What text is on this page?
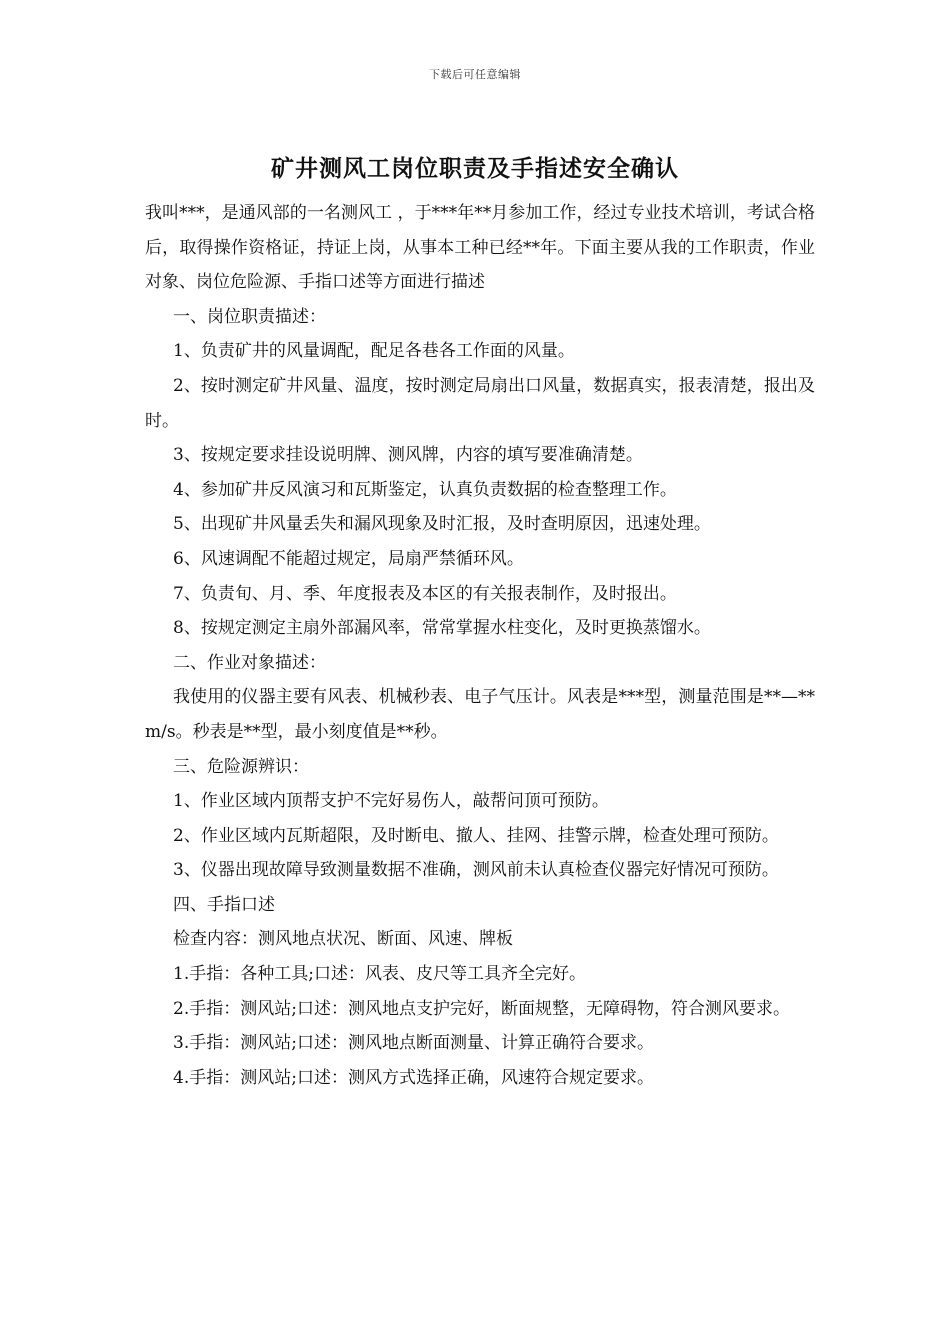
下载后可任意编辑
矿井测风工岗位职责及手指述安全确认

我叫***，是通风部的一名测风工 ，于***年**月参加工作，经过专业技术培训，考试合格后，取得操作资格证，持证上岗，从事本工种已经**年。下面主要从我的工作职责，作业对象、岗位危险源、手指口述等方面进行描述

一、岗位职责描述：

1、负责矿井的风量调配，配足各巷各工作面的风量。

2、按时测定矿井风量、温度，按时测定局扇出口风量，数据真实，报表清楚，报出及时。

3、按规定要求挂设说明牌、测风牌，内容的填写要准确清楚。

4、参加矿井反风演习和瓦斯鉴定，认真负责数据的检查整理工作。

5、出现矿井风量丢失和漏风现象及时汇报，及时查明原因，迅速处理。

6、风速调配不能超过规定，局扇严禁循环风。

7、负责旬、月、季、年度报表及本区的有关报表制作，及时报出。

8、按规定测定主扇外部漏风率，常常掌握水柱变化，及时更换蒸馏水。

二、作业对象描述：

我使用的仪器主要有风表、机械秒表、电子气压计。风表是***型，测量范围是**—**m/s。秒表是**型，最小刻度值是**秒。

三、危险源辨识：

1、作业区域内顶帮支护不完好易伤人，敲帮问顶可预防。

2、作业区域内瓦斯超限，及时断电、撤人、挂网、挂警示牌，检查处理可预防。

3、仪器出现故障导致测量数据不准确，测风前未认真检查仪器完好情况可预防。

四、手指口述

检查内容：测风地点状况、断面、风速、牌板

1.手指：各种工具;口述：风表、皮尺等工具齐全完好。

2.手指：测风站;口述：测风地点支护完好，断面规整，无障碍物，符合测风要求。

3.手指：测风站;口述：测风地点断面测量、计算正确符合要求。

4.手指：测风站;口述：测风方式选择正确，风速符合规定要求。
